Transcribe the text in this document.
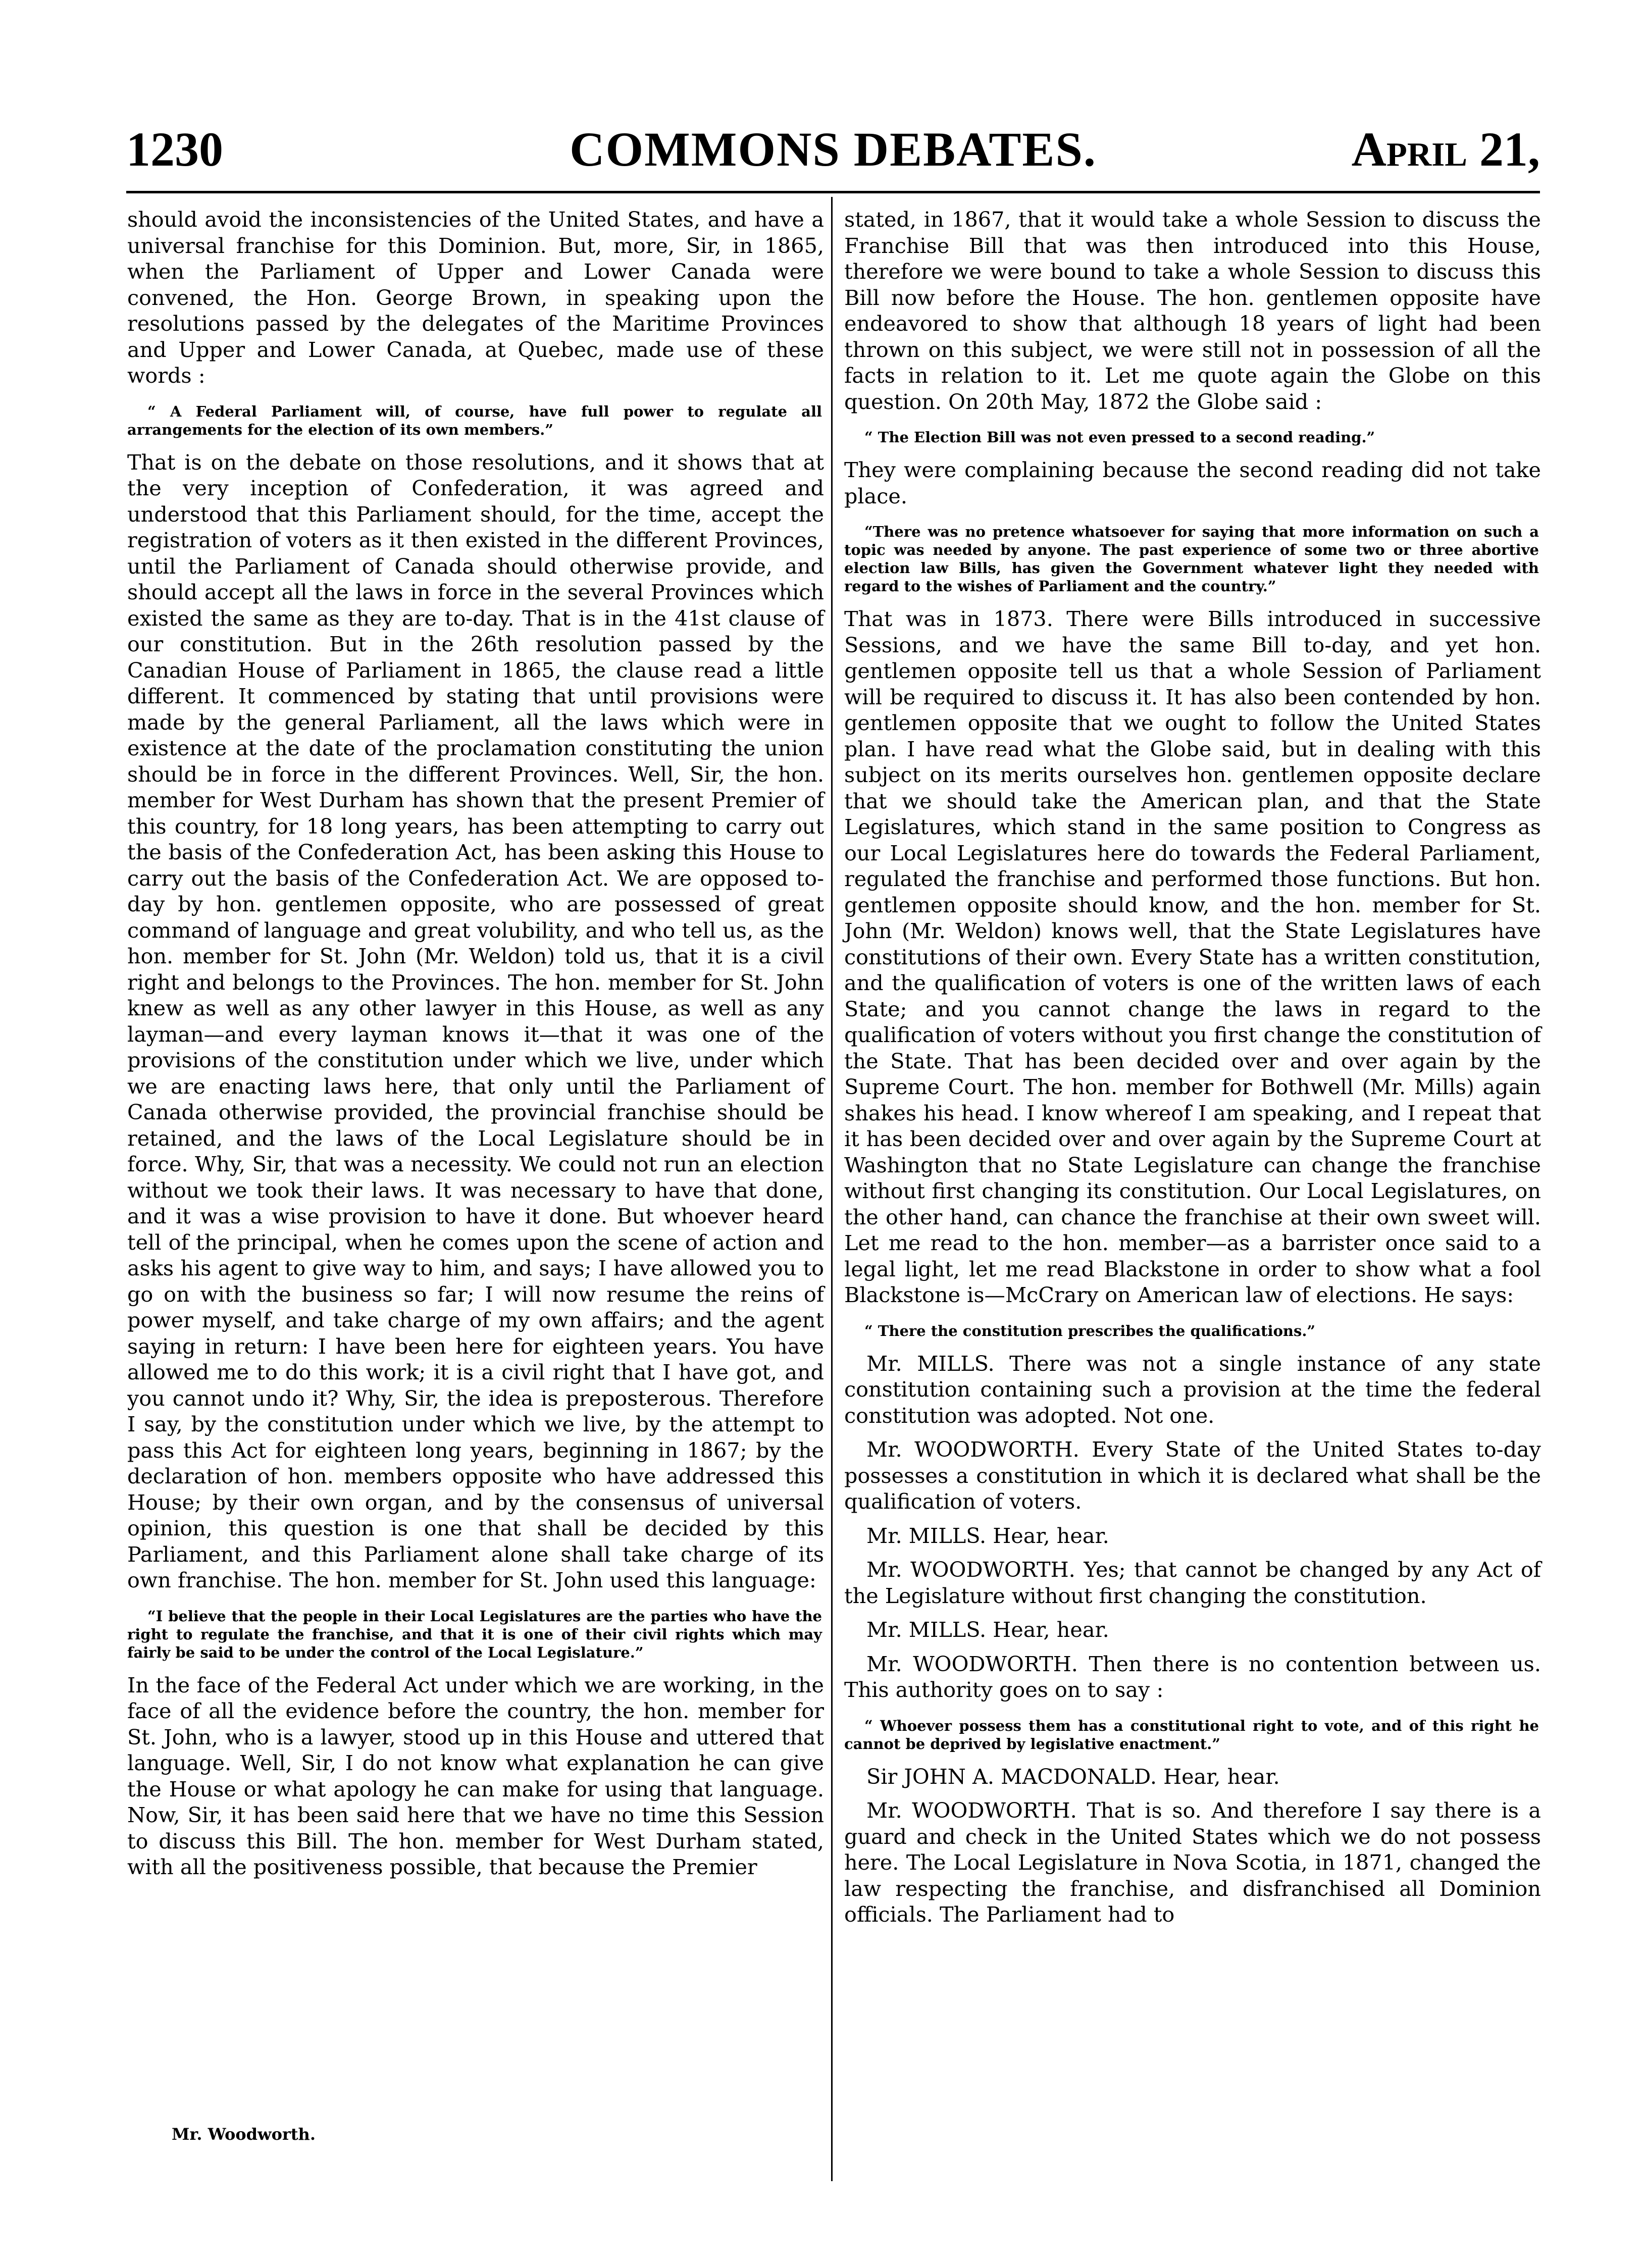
1230	COMMONS DEBATES.	April 21,

should avoid the inconsistencies of the United States, and have a universal franchise for this Dominion. But, more, Sir, in 1865, when the Parliament of Upper and Lower Canada were convened, the Hon. George Brown, in speaking upon the resolutions passed by the delegates of the Maritime Provinces and Upper and Lower Canada, at Quebec, made use of these words :

“ A Federal Parliament will, of course, have full power to regulate all arrangements for the election of its own members.”

That is on the debate on those resolutions, and it shows that at the very inception of Confederation, it was agreed and understood that this Parliament should, for the time, accept the registration of voters as it then existed in the different Provinces, until the Parliament of Canada should otherwise provide, and should accept all the laws in force in the several Provinces which existed the same as they are to-day. That is in the 41st clause of our constitution. But in the 26th resolution passed by the Canadian House of Parliament in 1865, the clause read a little different. It commenced by stating that until provisions were made by the general Parliament, all the laws which were in existence at the date of the proclamation constituting the union should be in force in the different Provinces. Well, Sir, the hon. member for West Durham has shown that the present Premier of this country, for 18 long years, has been attempting to carry out the basis of the Confederation Act, has been asking this House to carry out the basis of the Confederation Act. We are opposed to-day by hon. gentlemen opposite, who are possessed of great command of language and great volubility, and who tell us, as the hon. member for St. John (Mr. Weldon) told us, that it is a civil right and belongs to the Provinces. The hon. member for St. John knew as well as any other lawyer in this House, as well as any layman—and every layman knows it—that it was one of the provisions of the constitution under which we live, under which we are enacting laws here, that only until the Parliament of Canada otherwise provided, the provincial franchise should be retained, and the laws of the Local Legislature should be in force. Why, Sir, that was a necessity. We could not run an election without we took their laws. It was necessary to have that done, and it was a wise provision to have it done. But whoever heard tell of the principal, when he comes upon the scene of action and asks his agent to give way to him, and says; I have allowed you to go on with the business so far; I will now resume the reins of power myself, and take charge of my own affairs; and the agent saying in return: I have been here for eighteen years. You have allowed me to do this work; it is a civil right that I have got, and you cannot undo it? Why, Sir, the idea is preposterous. Therefore I say, by the constitution under which we live, by the attempt to pass this Act for eighteen long years, beginning in 1867; by the declaration of hon. members opposite who have addressed this House; by their own organ, and by the consensus of universal opinion, this question is one that shall be decided by this Parliament, and this Parliament alone shall take charge of its own franchise. The hon. member for St. John used this language:

“I believe that the people in their Local Legislatures are the parties who have the right to regulate the franchise, and that it is one of their civil rights which may fairly be said to be under the control of the Local Legislature.”

In the face of the Federal Act under which we are working, in the face of all the evidence before the country, the hon. member for St. John, who is a lawyer, stood up in this House and uttered that language. Well, Sir, I do not know what explanation he can give the House or what apology he can make for using that language. Now, Sir, it has been said here that we have no time this Session to discuss this Bill. The hon. member for West Durham stated, with all the positiveness possible, that because the Premier

stated, in 1867, that it would take a whole Session to discuss the Franchise Bill that was then introduced into this House, therefore we were bound to take a whole Session to discuss this Bill now before the House. The hon. gentlemen opposite have endeavored to show that although 18 years of light had been thrown on this subject, we were still not in possession of all the facts in relation to it. Let me quote again the Globe on this question. On 20th May, 1872 the Globe said :

“ The Election Bill was not even pressed to a second reading.”

They were complaining because the second reading did not take place.

“There was no pretence whatsoever for saying that more information on such a topic was needed by anyone. The past experience of some two or three abortive election law Bills, has given the Government whatever light they needed with regard to the wishes of Parliament and the country.”

That was in 1873. There were Bills introduced in successive Sessions, and we have the same Bill to-day, and yet hon. gentlemen opposite tell us that a whole Session of Parliament will be required to discuss it. It has also been contended by hon. gentlemen opposite that we ought to follow the United States plan. I have read what the Globe said, but in dealing with this subject on its merits ourselves hon. gentlemen opposite declare that we should take the American plan, and that the State Legislatures, which stand in the same position to Congress as our Local Legislatures here do towards the Federal Parliament, regulated the franchise and performed those functions. But hon. gentlemen opposite should know, and the hon. member for St. John (Mr. Weldon) knows well, that the State Legislatures have constitutions of their own. Every State has a written constitution, and the qualification of voters is one of the written laws of each State; and you cannot change the laws in regard to the qualification of voters without you first change the constitution of the State. That has been decided over and over again by the Supreme Court. The hon. member for Bothwell (Mr. Mills) again shakes his head. I know whereof I am speaking, and I repeat that it has been decided over and over again by the Supreme Court at Washington that no State Legislature can change the franchise without first changing its constitution. Our Local Legislatures, on the other hand, can chance the franchise at their own sweet will. Let me read to the hon. member—as a barrister once said to a legal light, let me read Blackstone in order to show what a fool Blackstone is—McCrary on American law of elections. He says:

“ There the constitution prescribes the qualifications.”

Mr. MILLS. There was not a single instance of any state constitution containing such a provision at the time the federal constitution was adopted. Not one.

Mr. WOODWORTH. Every State of the United States to-day possesses a constitution in which it is declared what shall be the qualification of voters.

Mr. MILLS. Hear, hear.

Mr. WOODWORTH. Yes; that cannot be changed by any Act of the Legislature without first changing the constitution.

Mr. MILLS. Hear, hear.

Mr. WOODWORTH. Then there is no contention between us. This authority goes on to say :

“ Whoever possess them has a constitutional right to vote, and of this right he cannot be deprived by legislative enactment.”

Sir JOHN A. MACDONALD. Hear, hear.

Mr. WOODWORTH. That is so. And therefore I say there is a guard and check in the United States which we do not possess here. The Local Legislature in Nova Scotia, in 1871, changed the law respecting the franchise, and disfranchised all Dominion officials. The Parliament had to

Mr. Woodworth.
